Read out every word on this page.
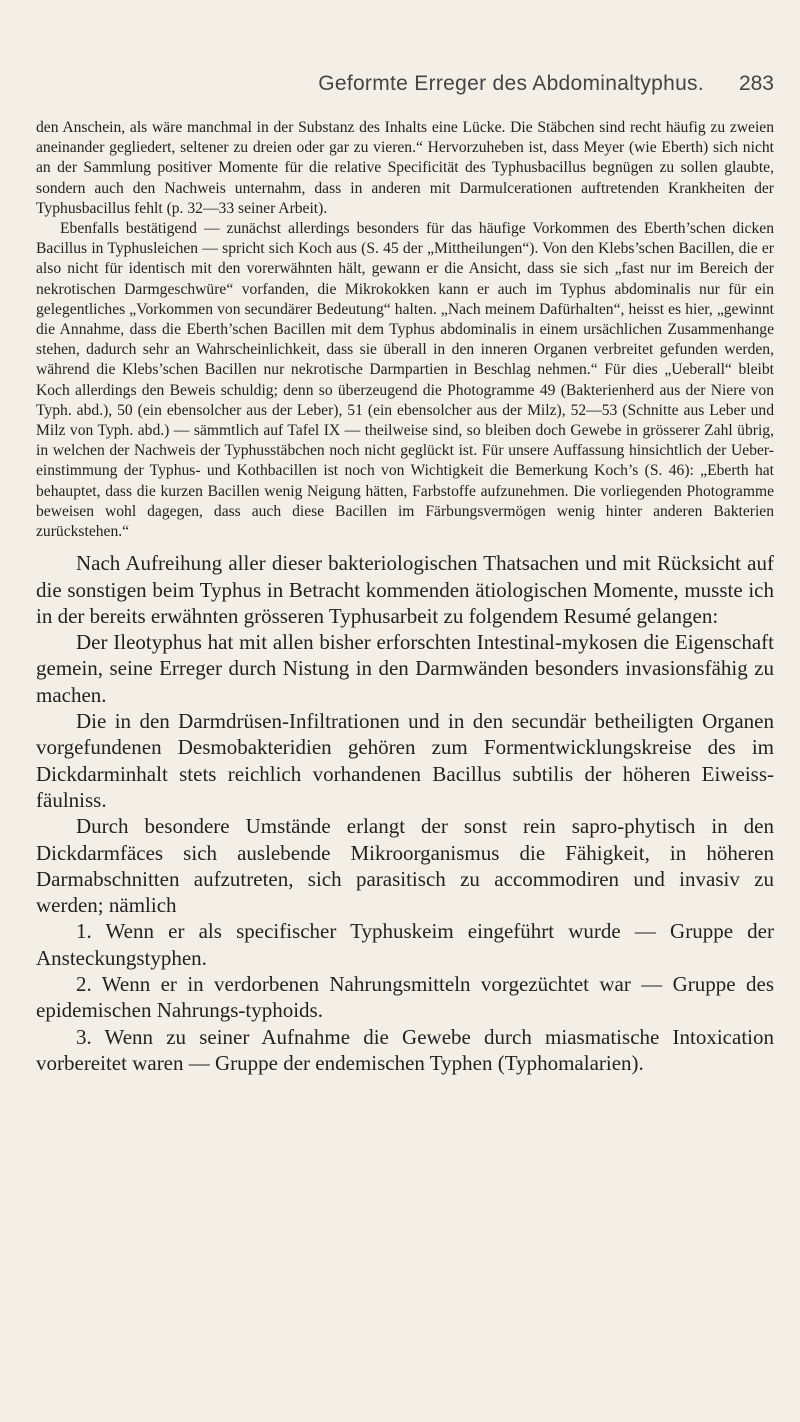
Geformte Erreger des Abdominaltyphus. 283

den Anschein, als wäre manchmal in der Substanz des Inhalts eine Lücke. Die Stäbchen sind recht häufig zu zweien aneinander gegliedert, seltener zu dreien oder gar zu vieren.“ Hervorzuheben ist, dass Meyer (wie Eberth) sich nicht an der Sammlung positiver Momente für die relative Specificität des Typhusbacillus begnügen zu sollen glaubte, sondern auch den Nachweis unternahm, dass in anderen mit Darmulcerationen auftretenden Krankheiten der Typhusbacillus fehlt (p. 32—33 seiner Arbeit).

Ebenfalls bestätigend — zunächst allerdings besonders für das häufige Vorkommen des Eberth’schen dicken Bacillus in Typhusleichen — spricht sich Koch aus (S. 45 der „Mittheilungen“). Von den Klebs’schen Bacillen, die er also nicht für identisch mit den vorerwähnten hält, gewann er die Ansicht, dass sie sich „fast nur im Bereich der nekrotischen Darmgeschwüre“ vorfanden, die Mikrokokken kann er auch im Typhus abdominalis nur für ein gelegentliches „Vorkommen von secundärer Bedeutung“ halten. „Nach meinem Dafürhalten“, heisst es hier, „gewinnt die Annahme, dass die Eberth’schen Bacillen mit dem Typhus abdominalis in einem ursächlichen Zusammenhange stehen, dadurch sehr an Wahrscheinlichkeit, dass sie überall in den inneren Organen verbreitet gefunden werden, während die Klebs’schen Bacillen nur nekrotische Darmpartien in Beschlag nehmen.“ Für dies „Ueberall“ bleibt Koch allerdings den Beweis schuldig; denn so überzeugend die Photogramme 49 (Bakterienherd aus der Niere von Typh. abd.), 50 (ein ebensolcher aus der Leber), 51 (ein ebensolcher aus der Milz), 52—53 (Schnitte aus Leber und Milz von Typh. abd.) — sämmtlich auf Tafel IX — theilweise sind, so bleiben doch Gewebe in grösserer Zahl übrig, in welchen der Nachweis der Typhusstäbchen noch nicht geglückt ist. Für unsere Auffassung hinsichtlich der Ueber-einstimmung der Typhus- und Kothbacillen ist noch von Wichtigkeit die Bemerkung Koch’s (S. 46): „Eberth hat behauptet, dass die kurzen Bacillen wenig Neigung hätten, Farbstoffe aufzunehmen. Die vorliegenden Photogramme beweisen wohl dagegen, dass auch diese Bacillen im Färbungsvermögen wenig hinter anderen Bakterien zurückstehen.“

Nach Aufreihung aller dieser bakteriologischen Thatsachen und mit Rücksicht auf die sonstigen beim Typhus in Betracht kommenden ätiologischen Momente, musste ich in der bereits erwähnten grösseren Typhusarbeit zu folgendem Resumé gelangen:

Der Ileotyphus hat mit allen bisher erforschten Intestinal-mykosen die Eigenschaft gemein, seine Erreger durch Nistung in den Darmwänden besonders invasionsfähig zu machen.

Die in den Darmdrüsen-Infiltrationen und in den secundär betheiligten Organen vorgefundenen Desmobakteridien gehören zum Formentwicklungskreise des im Dickdarminhalt stets reichlich vorhandenen Bacillus subtilis der höheren Eiweiss-fäulniss.

Durch besondere Umstände erlangt der sonst rein sapro-phytisch in den Dickdarmfäces sich auslebende Mikroorganismus die Fähigkeit, in höheren Darmabschnitten aufzutreten, sich parasitisch zu accommodiren und invasiv zu werden; nämlich

1. Wenn er als specifischer Typhuskeim eingeführt wurde — Gruppe der Ansteckungstyphen.

2. Wenn er in verdorbenen Nahrungsmitteln vorgezüchtet war — Gruppe des epidemischen Nahrungs-typhoids.

3. Wenn zu seiner Aufnahme die Gewebe durch miasmatische Intoxication vorbereitet waren — Gruppe der endemischen Typhen (Typhomalarien).
